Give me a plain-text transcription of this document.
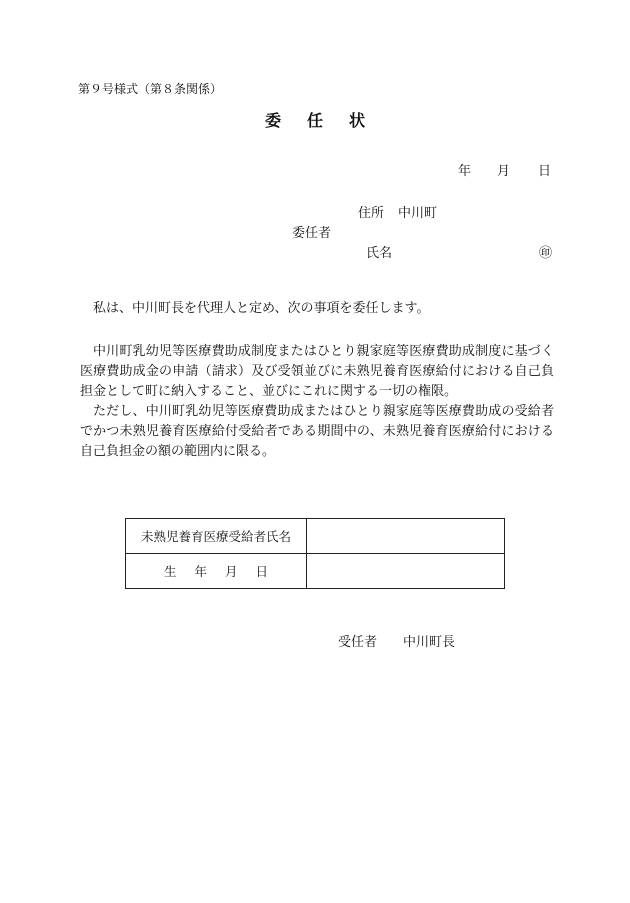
第９号様式（第８条関係）
委任状
年 月 日
住所 中川町
委任者
氏名	㊞
私は、中川町長を代理人と定め、次の事項を委任します。
中川町乳幼児等医療費助成制度またはひとり親家庭等医療費助成制度に基づく医療費助成金の申請（請求）及び受領並びに未熟児養育医療給付における自己負担金として町に納入すること、並びにこれに関する一切の権限。
ただし、中川町乳幼児等医療費助成またはひとり親家庭等医療費助成の受給者でかつ未熟児養育医療給付受給者である期間中の、未熟児養育医療給付における自己負担金の額の範囲内に限る。
未熟児養育医療受給者氏名	
生 年 月 日	
受任者 中川町長
